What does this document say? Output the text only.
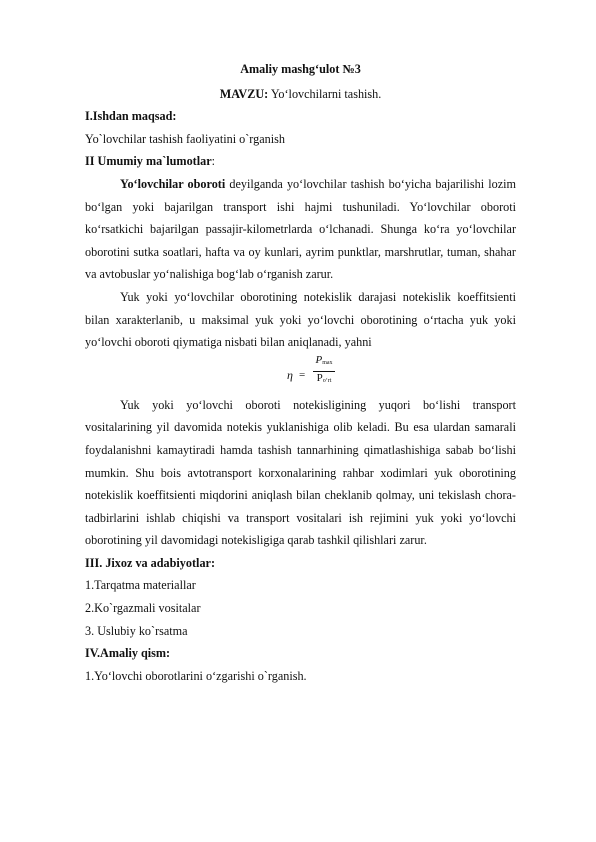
Amaliy mashg‘ulot №3
MAVZU: Yo‘lovchilarni tashish.
I.Ishdan maqsad:
Yo`lovchilar tashish faoliyatini o`rganish
II Umumiy ma`lumotlar:

Yo‘lovchilar oboroti deyilganda yo‘lovchilar tashish bo‘yicha bajarilishi lozim bo‘lgan yoki bajarilgan transport ishi hajmi tushuniladi. Yo‘lovchilar oboroti ko‘rsatkichi bajarilgan passajir-kilometrlarda o‘lchanadi. Shunga ko‘ra yo‘lovchilar oborotini sutka soatlari, hafta va oy kunlari, ayrim punktlar, marshrutlar, tuman, shahar va avtobuslar yo‘nalishiga bog‘lab o‘rganish zarur.

Yuk yoki yo‘lovchilar oborotining notekislik darajasi notekislik koeffitsienti bilan xarakterlanib, u maksimal yuk yoki yo‘lovchi oborotining o‘rtacha yuk yoki yo‘lovchi oboroti qiymatiga nisbati bilan aniqlanadi, yahni

η =
$P_{max}$
$P_{o‘rt}$

Yuk yoki yo‘lovchi oboroti notekisligining yuqori bo‘lishi transport vositalarining yil davomida notekis yuklanishiga olib keladi. Bu esa ulardan samarali foydalanishni kamaytiradi hamda tashish tannarhining qimatlashishiga sabab bo‘lishi mumkin. Shu bois avtotransport korxonalarining rahbar xodimlari yuk oborotining notekislik koeffitsienti miqdorini aniqlash bilan cheklanib qolmay, uni tekislash chora-tadbirlarini ishlab chiqishi va transport vositalari ish rejimini yuk yoki yo‘lovchi oborotining yil davomidagi notekisligiga qarab tashkil qilishlari zarur.

III. Jixoz va adabiyotlar:
1.Tarqatma materiallar
2.Ko`rgazmali vositalar
3. Uslubiy ko`rsatma
IV.Amaliy qism:
1.Yo‘lovchi oborotlarini o‘zgarishi o`rganish.
